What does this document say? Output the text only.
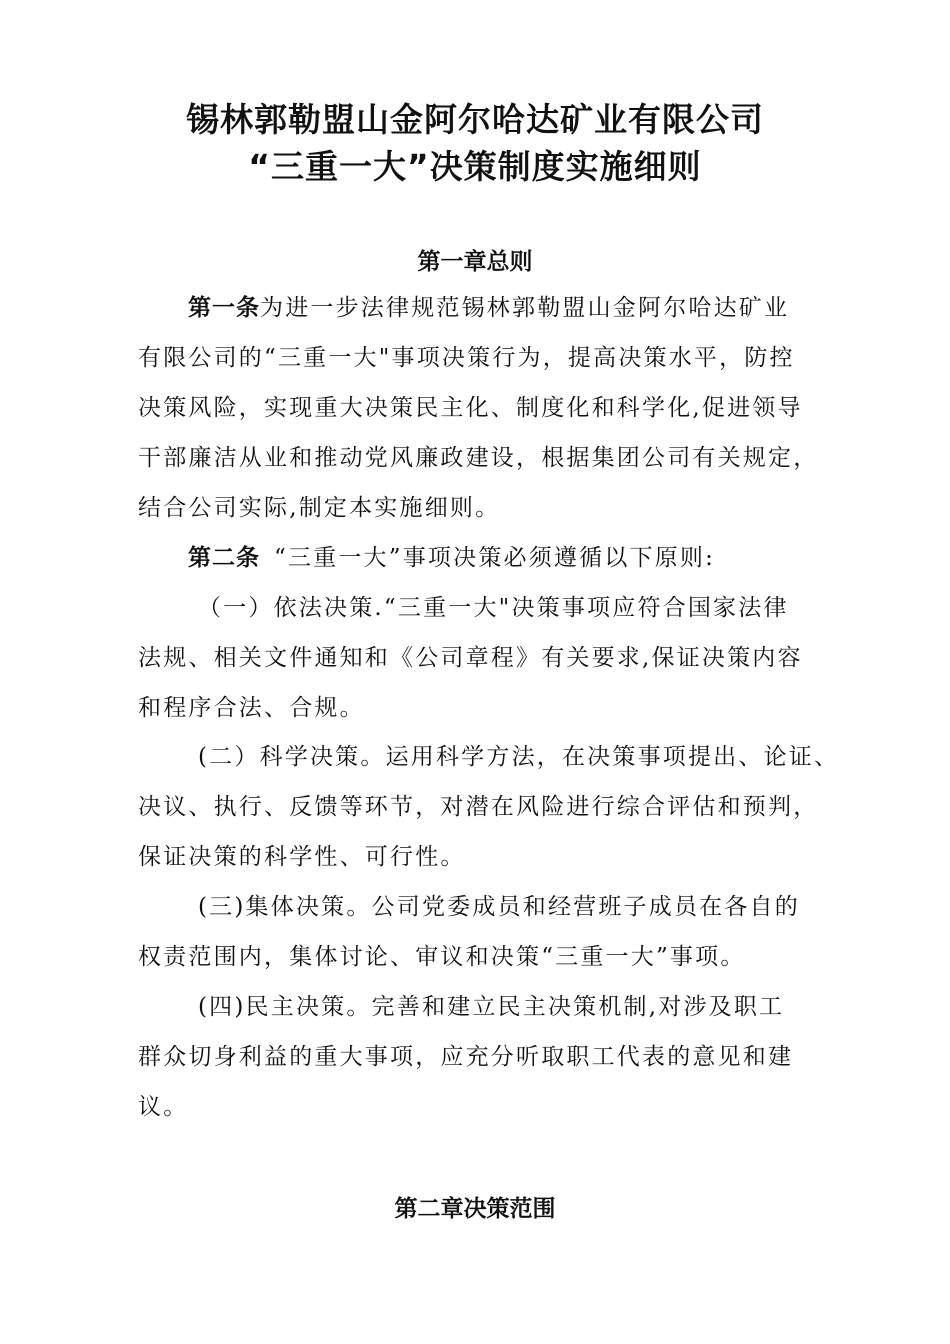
锡林郭勒盟山金阿尔哈达矿业有限公司
“三重一大”决策制度实施细则
第一章总则
第一条为进一步法律规范锡林郭勒盟山金阿尔哈达矿业
有限公司的“三重一大"事项决策行为，提高决策水平，防控
决策风险，实现重大决策民主化、制度化和科学化,促进领导
干部廉洁从业和推动党风廉政建设，根据集团公司有关规定，
结合公司实际,制定本实施细则。
第二条 “三重一大”事项决策必须遵循以下原则:
（一）依法决策.“三重一大"决策事项应符合国家法律
法规、相关文件通知和《公司章程》有关要求,保证决策内容
和程序合法、合规。
(二）科学决策。运用科学方法，在决策事项提出、论证、
决议、执行、反馈等环节，对潜在风险进行综合评估和预判，
保证决策的科学性、可行性。
(三)集体决策。公司党委成员和经营班子成员在各自的
权责范围内，集体讨论、审议和决策“三重一大”事项。
(四)民主决策。完善和建立民主决策机制,对涉及职工
群众切身利益的重大事项，应充分听取职工代表的意见和建
议。
第二章决策范围
